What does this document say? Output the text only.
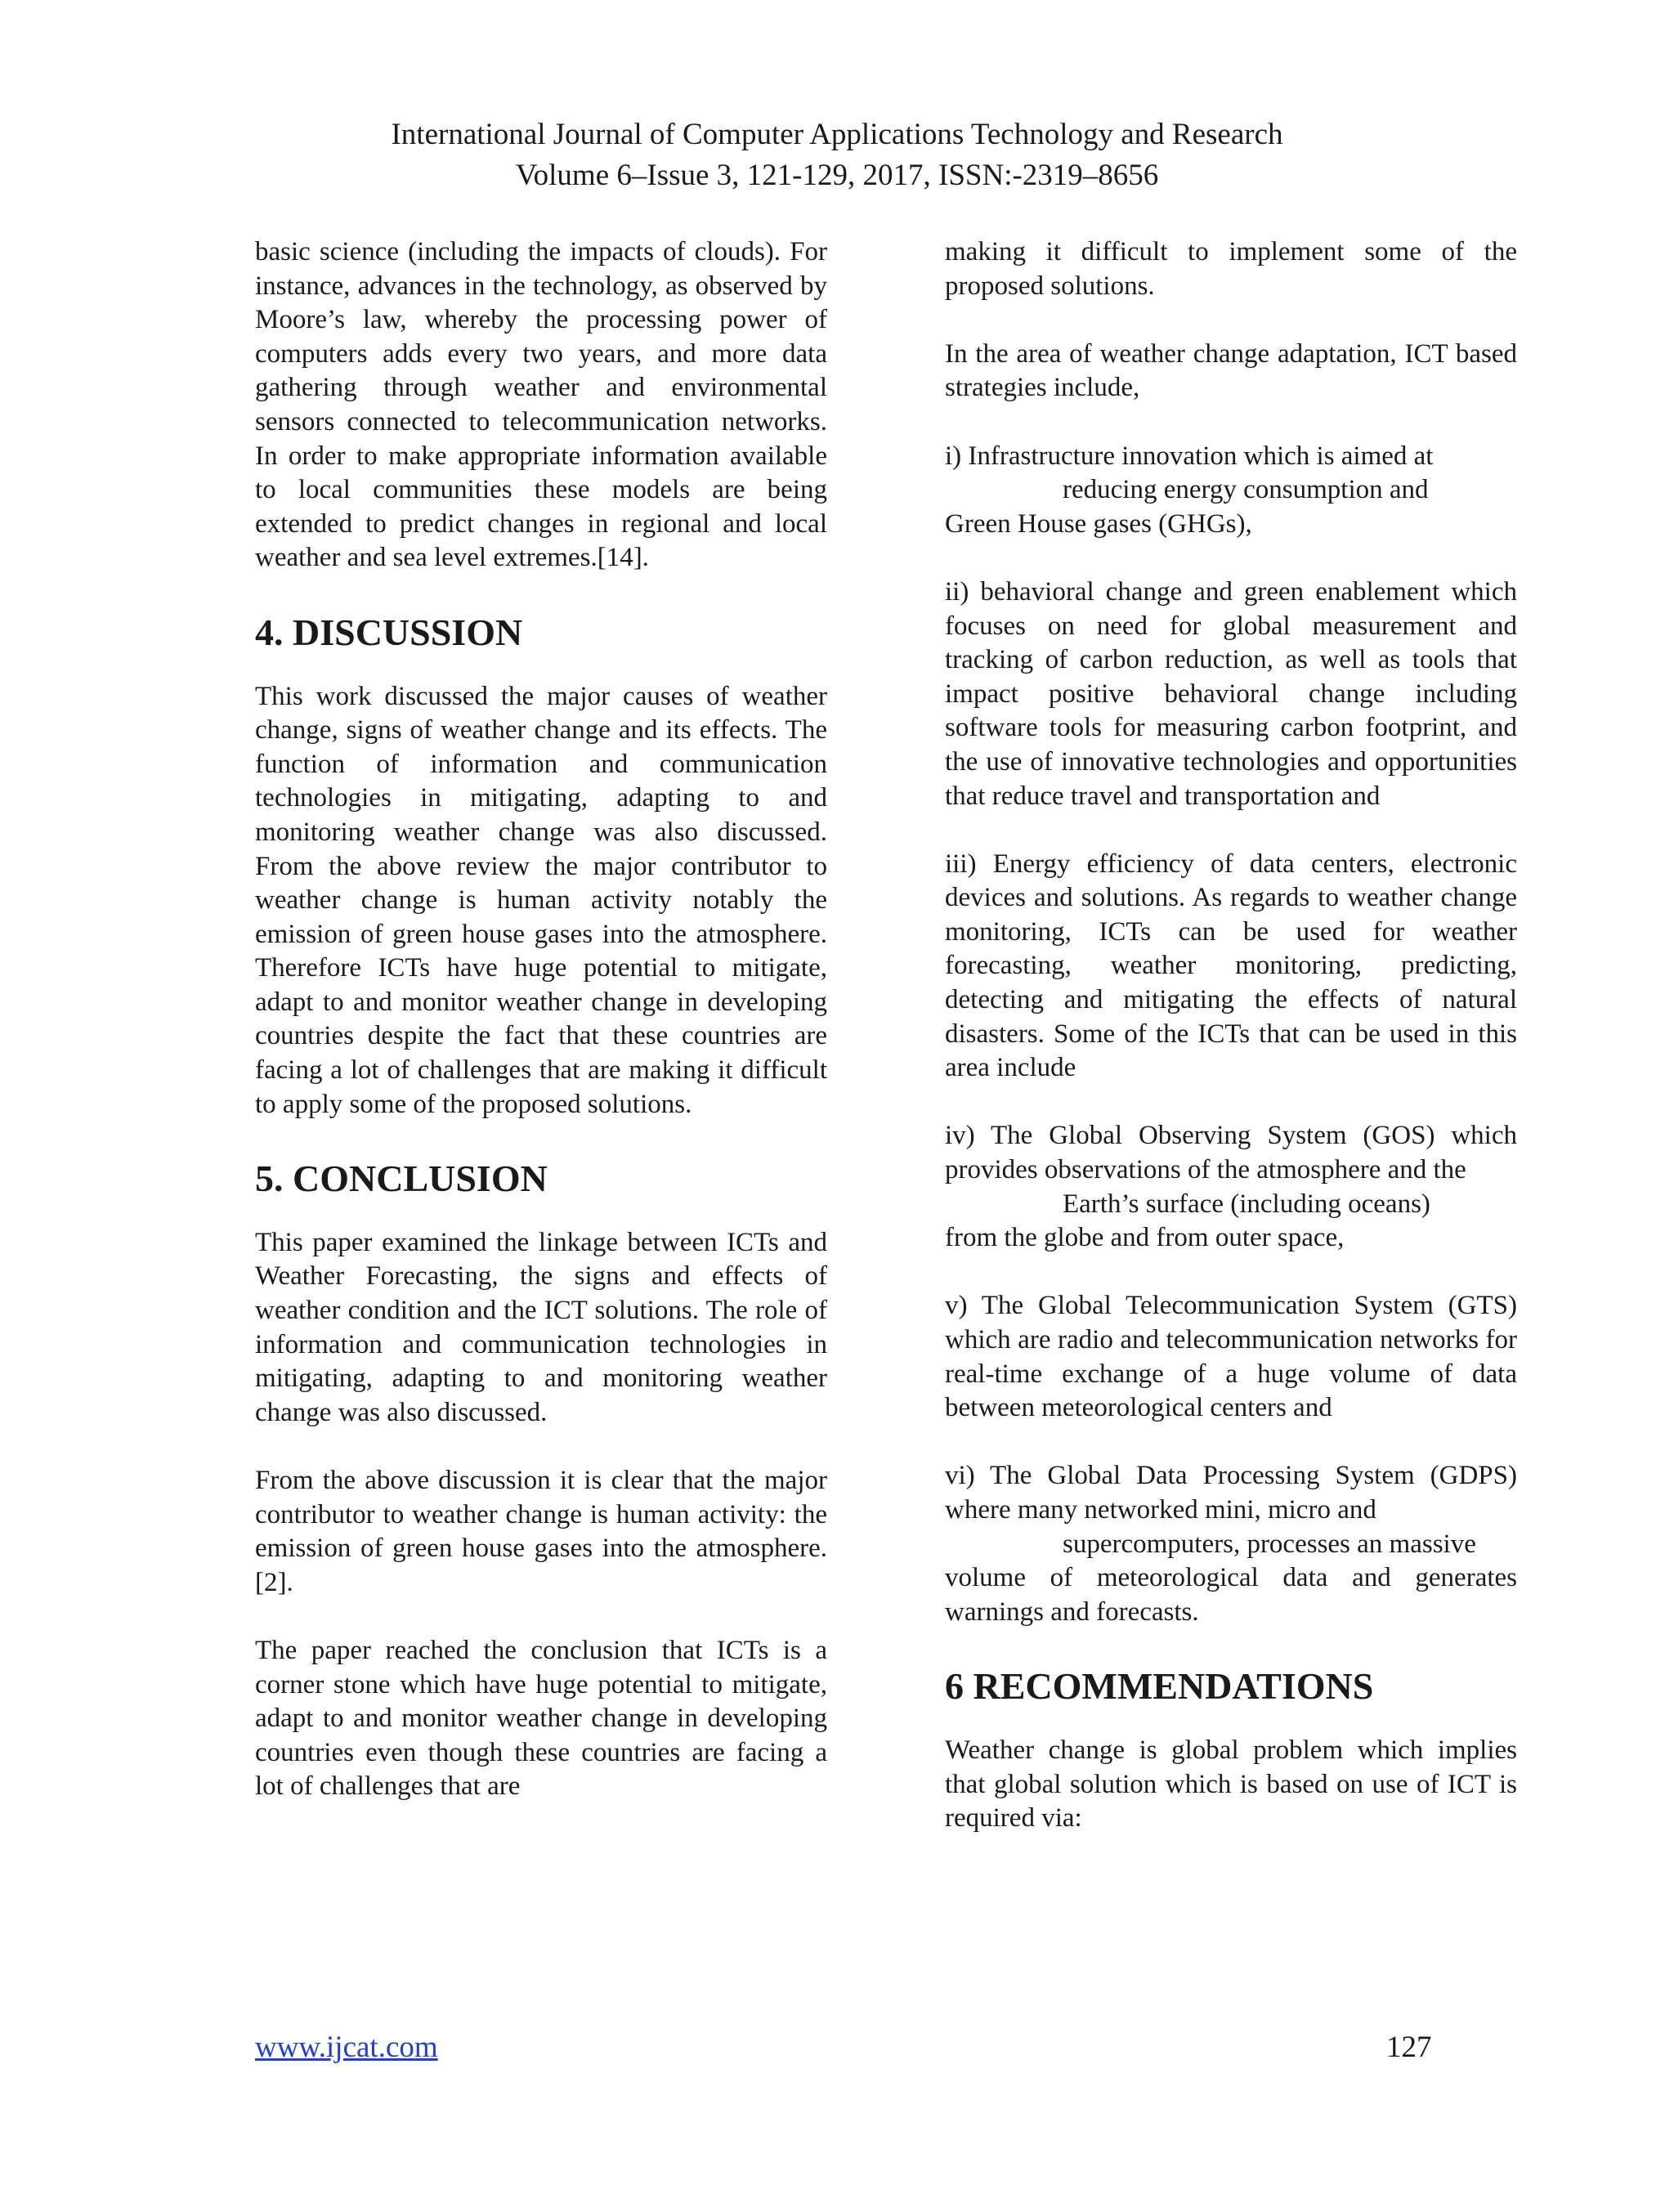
International Journal of Computer Applications Technology and Research
Volume 6–Issue 3, 121-129, 2017, ISSN:-2319–8656

basic science (including the impacts of clouds). For instance, advances in the technology, as observed by Moore’s law, whereby the processing power of computers adds every two years, and more data gathering through weather and environmental sensors connected to telecommunication networks. In order to make appropriate information available to local communities these models are being extended to predict changes in regional and local weather and sea level extremes.[14].

4. DISCUSSION

This work discussed the major causes of weather change, signs of weather change and its effects. The function of information and communication technologies in mitigating, adapting to and monitoring weather change was also discussed. From the above review the major contributor to weather change is human activity notably the emission of green house gases into the atmosphere. Therefore ICTs have huge potential to mitigate, adapt to and monitor weather change in developing countries despite the fact that these countries are facing a lot of challenges that are making it difficult to apply some of the proposed solutions.

5. CONCLUSION

This paper examined the linkage between ICTs and Weather Forecasting, the signs and effects of weather condition and the ICT solutions. The role of information and communication technologies in mitigating, adapting to and monitoring weather change was also discussed.

From the above discussion it is clear that the major contributor to weather change is human activity: the emission of green house gases into the atmosphere.[2].

The paper reached the conclusion that ICTs is a corner stone which have huge potential to mitigate, adapt to and monitor weather change in developing countries even though these countries are facing a lot of challenges that are

making it difficult to implement some of the proposed solutions.

In the area of weather change adaptation, ICT based strategies include,

i) Infrastructure innovation which is aimed at
reducing energy consumption and
Green House gases (GHGs),

ii) behavioral change and green enablement which focuses on need for global measurement and tracking of carbon reduction, as well as tools that impact positive behavioral change including software tools for measuring carbon footprint, and the use of innovative technologies and opportunities that reduce travel and transportation and

iii) Energy efficiency of data centers, electronic devices and solutions. As regards to weather change monitoring, ICTs can be used for weather forecasting, weather monitoring, predicting, detecting and mitigating the effects of natural disasters. Some of the ICTs that can be used in this area include

iv) The Global Observing System (GOS) which provides observations of the atmosphere and the
Earth’s surface (including oceans)
from the globe and from outer space,

v) The Global Telecommunication System (GTS) which are radio and telecommunication networks for real-time exchange of a huge volume of data between meteorological centers and

vi) The Global Data Processing System (GDPS) where many networked mini, micro and
supercomputers, processes an massive
volume of meteorological data and generates warnings and forecasts.

6 RECOMMENDATIONS

Weather change is global problem which implies that global solution which is based on use of ICT is required via:

www.ijcat.com	127
